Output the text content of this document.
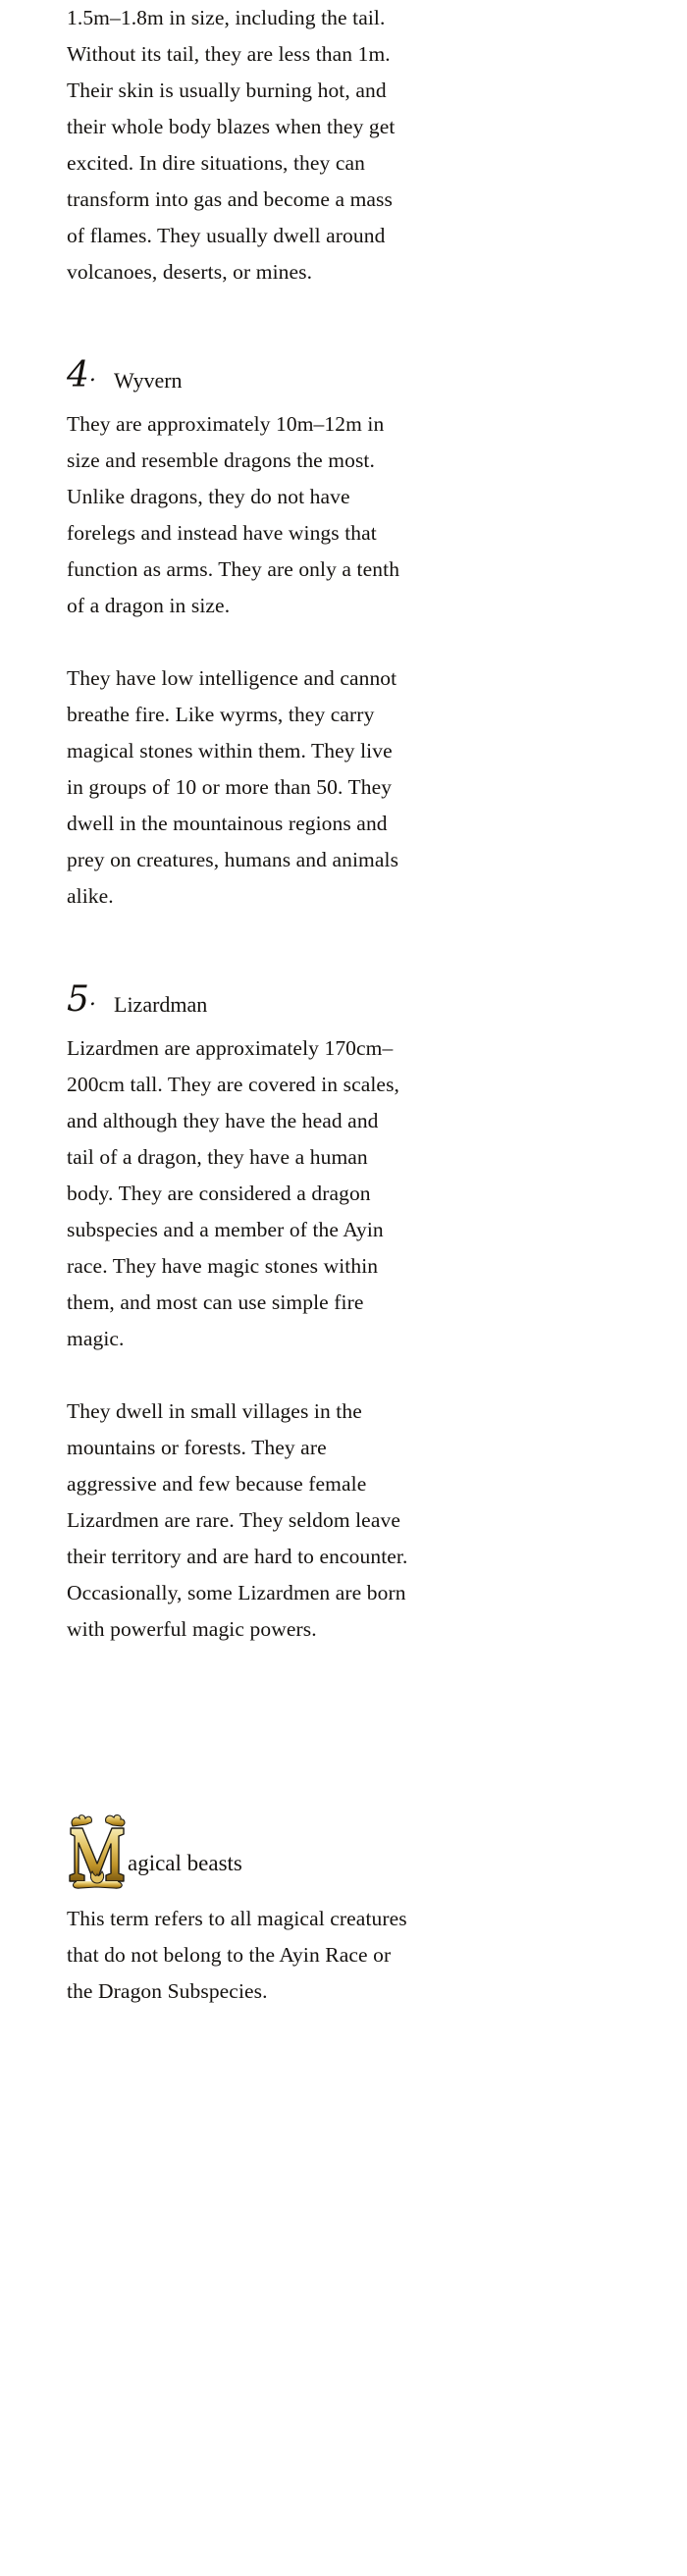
1.5m–1.8m in size, including the tail. Without its tail, they are less than 1m. Their skin is usually burning hot, and their whole body blazes when they get excited. In dire situations, they can transform into gas and become a mass of flames. They usually dwell around volcanoes, deserts, or mines.

4. Wyvern

They are approximately 10m–12m in size and resemble dragons the most. Unlike dragons, they do not have forelegs and instead have wings that function as arms. They are only a tenth of a dragon in size.

They have low intelligence and cannot breathe fire. Like wyrms, they carry magical stones within them. They live in groups of 10 or more than 50. They dwell in the mountainous regions and prey on creatures, humans and animals alike.

5. Lizardman

Lizardmen are approximately 170cm–200cm tall. They are covered in scales, and although they have the head and tail of a dragon, they have a human body. They are considered a dragon subspecies and a member of the Ayin race. They have magic stones within them, and most can use simple fire magic.

They dwell in small villages in the mountains or forests. They are aggressive and few because female Lizardmen are rare. They seldom leave their territory and are hard to encounter. Occasionally, some Lizardmen are born with powerful magic powers.

agical beasts

This term refers to all magical creatures that do not belong to the Ayin Race or the Dragon Subspecies.
